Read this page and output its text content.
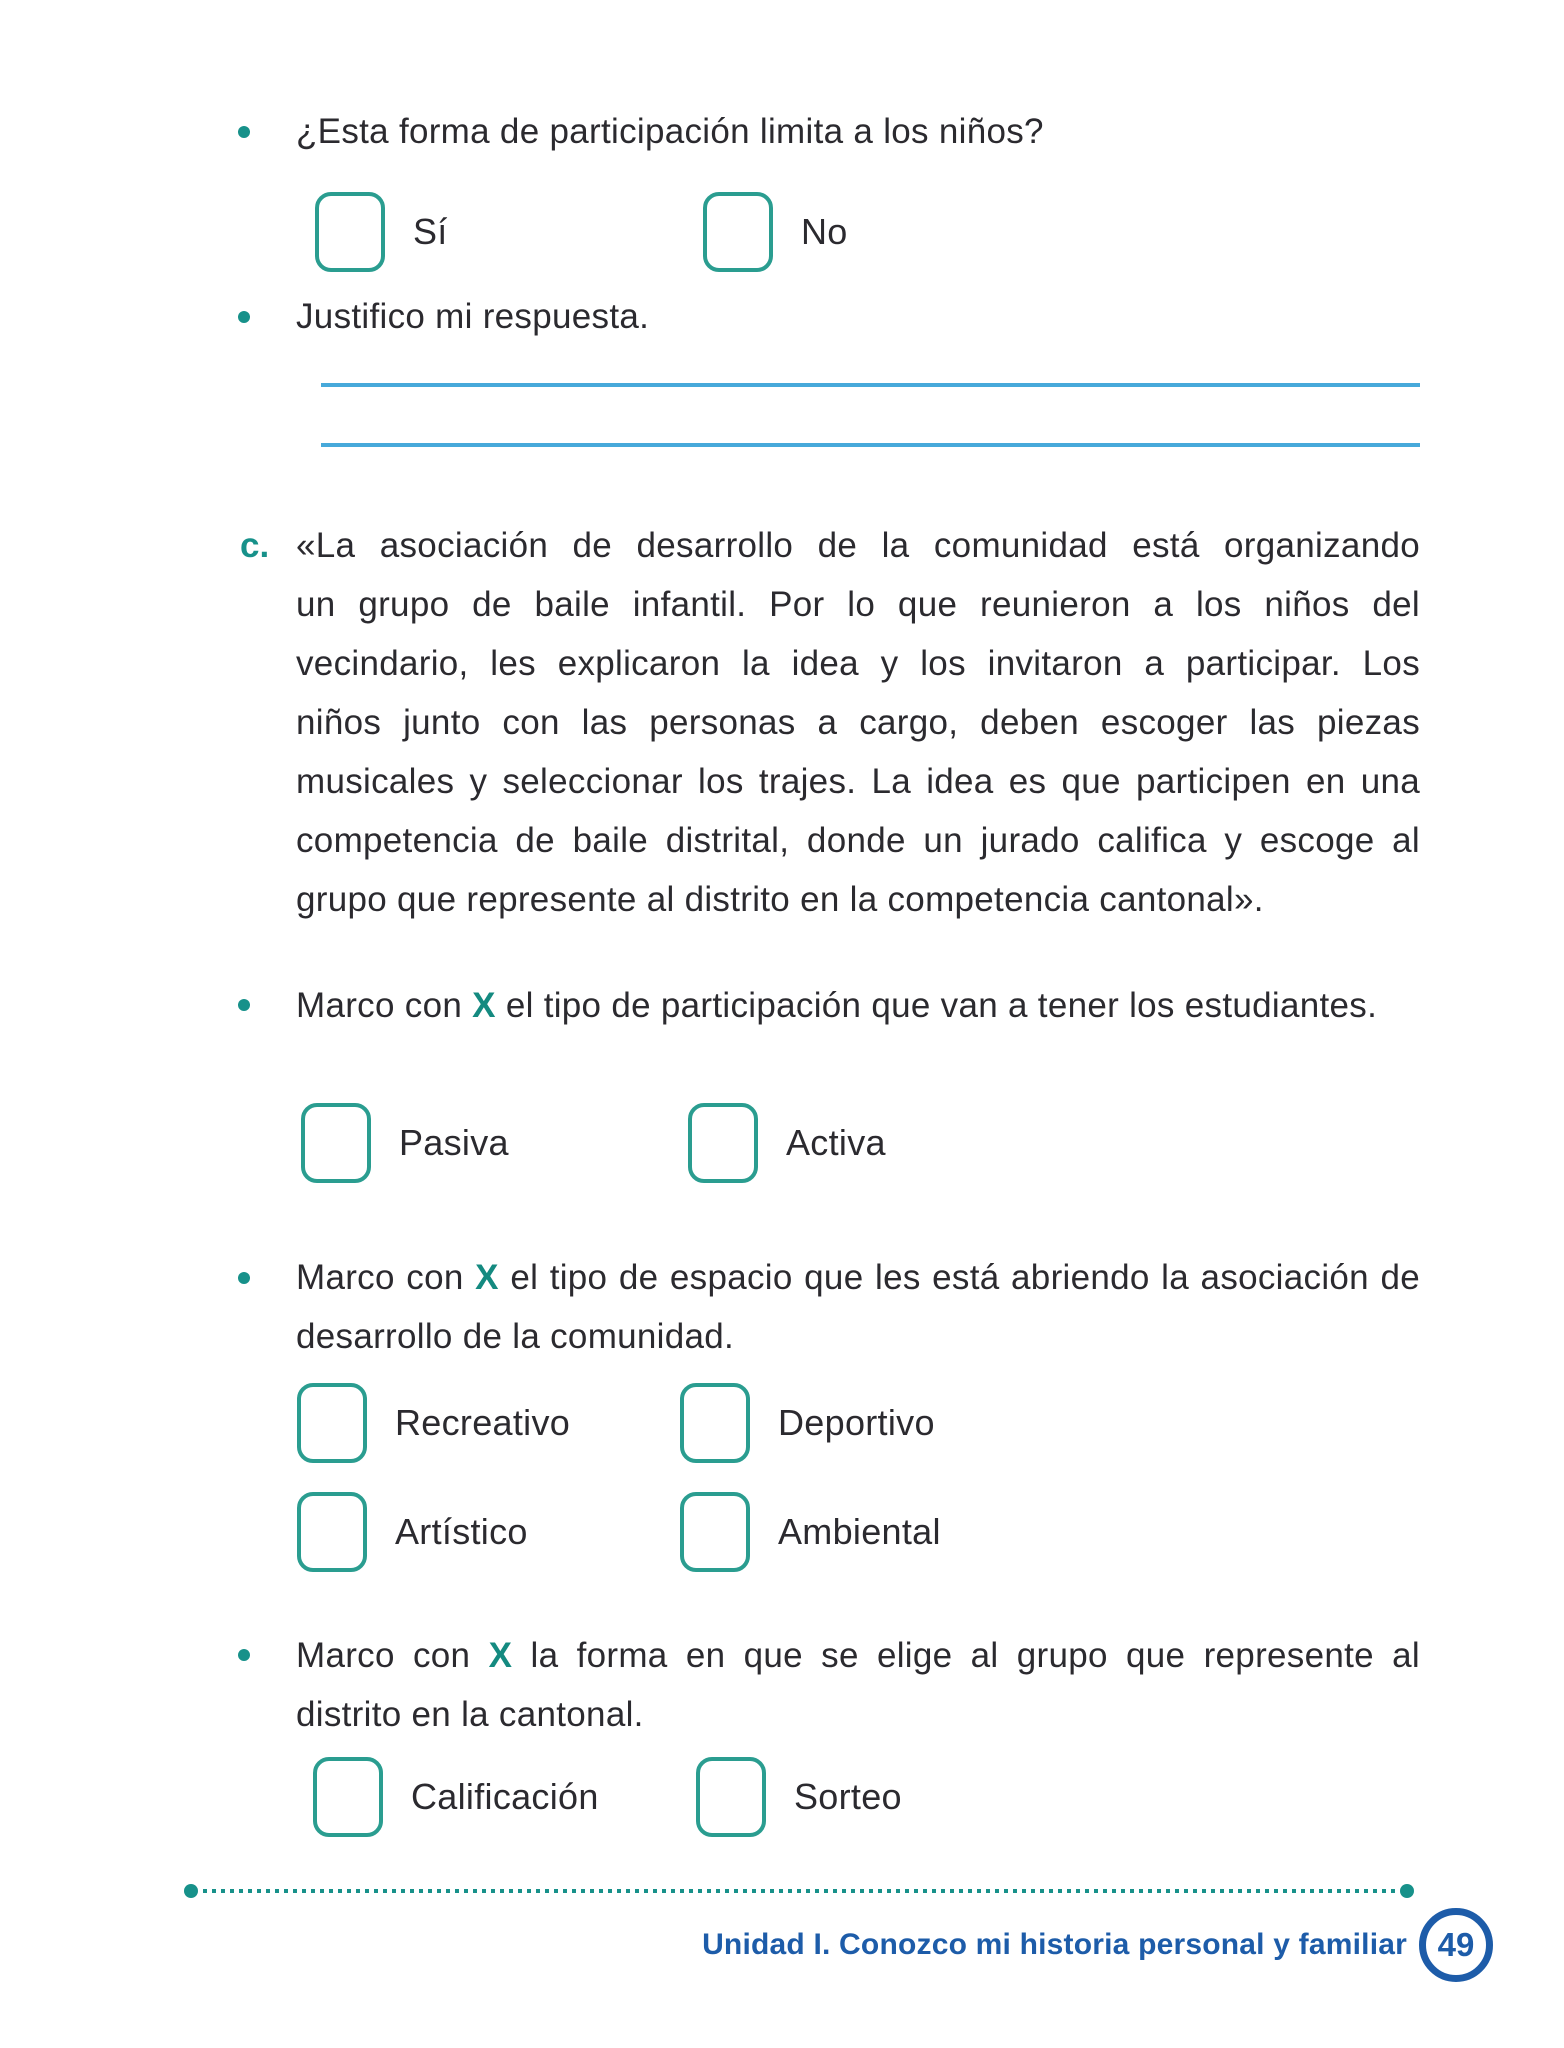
¿Esta forma de participación limita a los niños?
Sí	No
Justifico mi respuesta.
c. «La asociación de desarrollo de la comunidad está organizando
un grupo de baile infantil. Por lo que reunieron a los niños del
vecindario, les explicaron la idea y los invitaron a participar. Los
niños junto con las personas a cargo, deben escoger las piezas
musicales y seleccionar los trajes. La idea es que participen en una
competencia de baile distrital, donde un jurado califica y escoge al
grupo que represente al distrito en la competencia cantonal».
Marco con X el tipo de participación que van a tener los estudiantes.
Pasiva	Activa
Marco con X el tipo de espacio que les está abriendo la asociación de desarrollo de la comunidad.
Recreativo	Deportivo
Artístico	Ambiental
Marco con X la forma en que se elige al grupo que represente al distrito en la cantonal.
Calificación	Sorteo
Unidad I. Conozco mi historia personal y familiar 49
